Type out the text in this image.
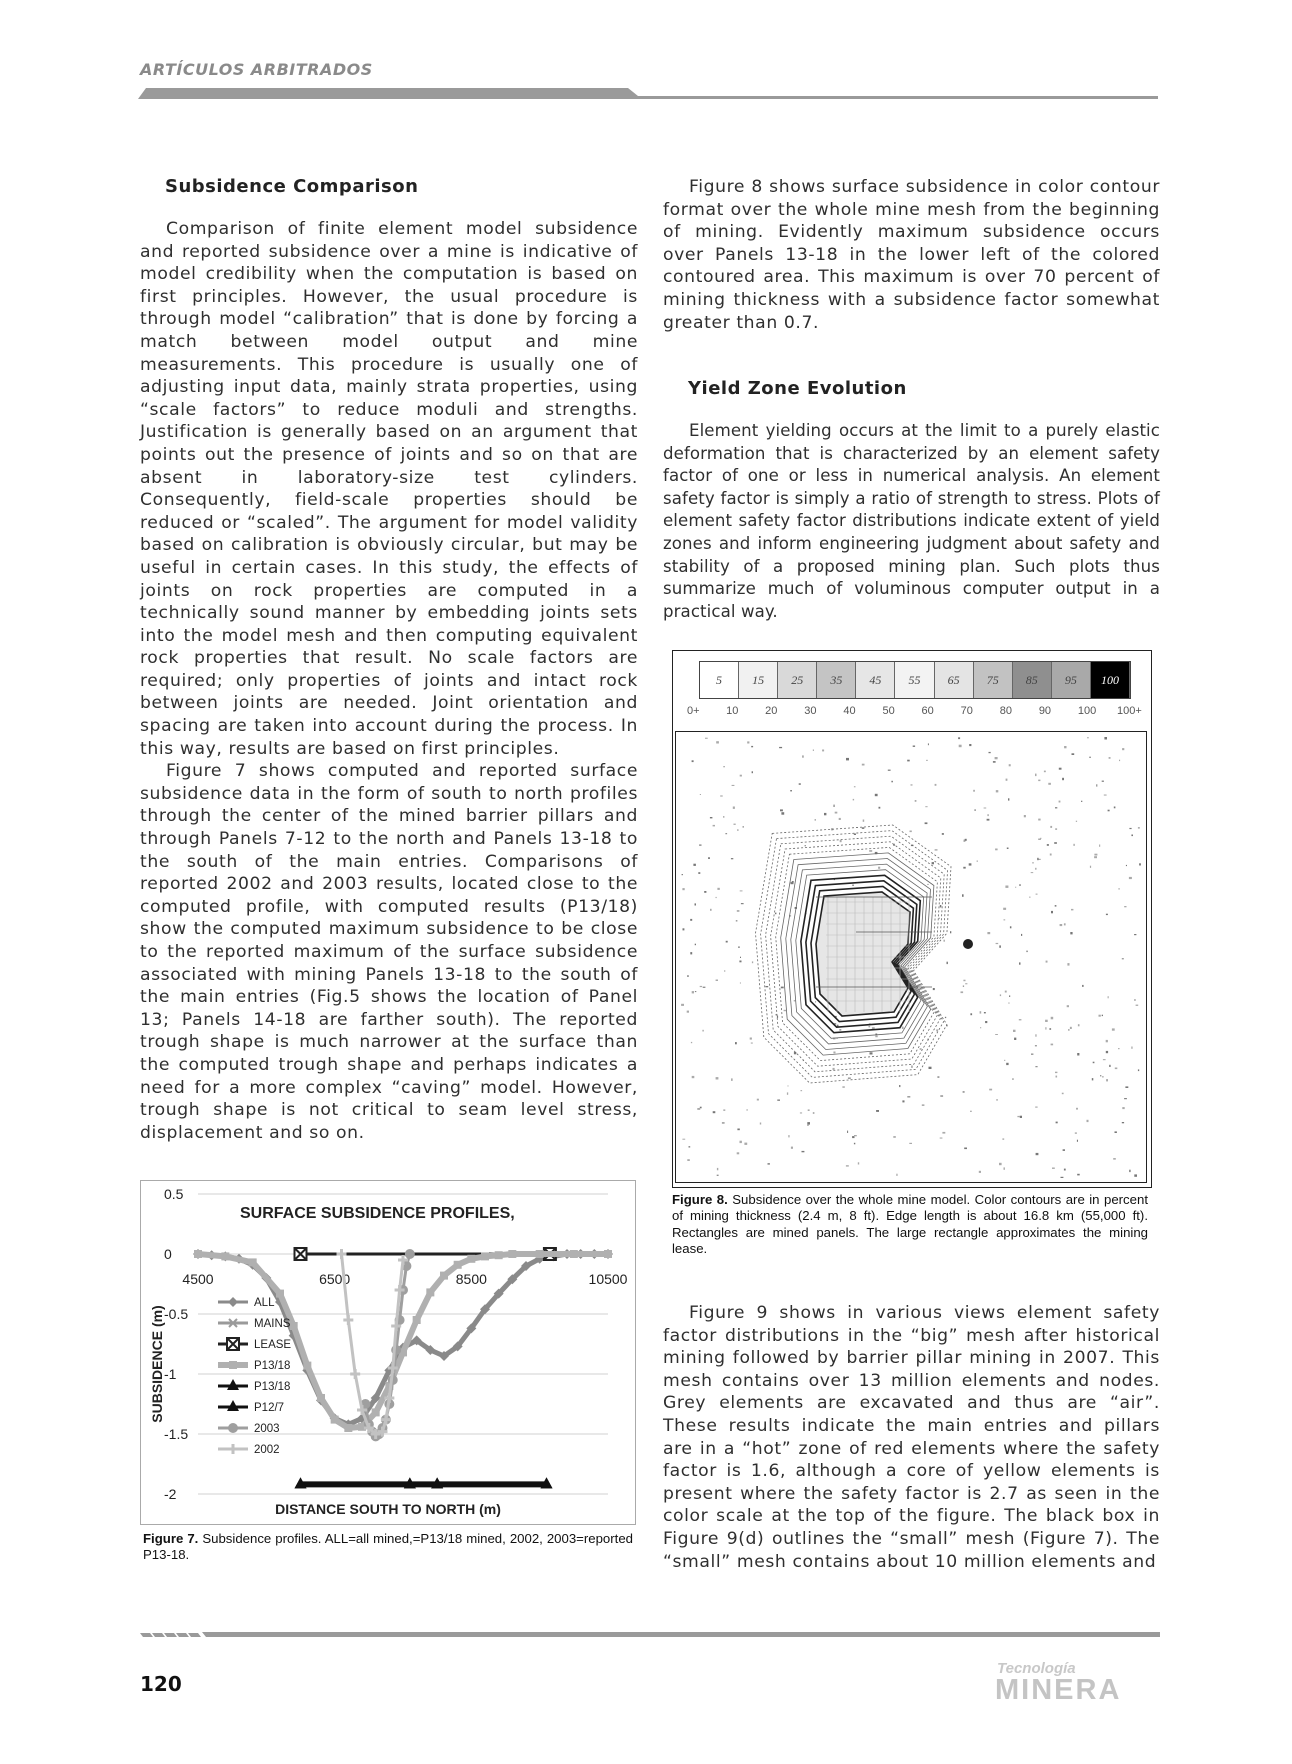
ARTÍCULOS ARBITRADOS
Subsidence Comparison

Comparison of finite element model subsidence and reported subsidence over a mine is indicative of model credibility when the computation is based on first principles. However, the usual procedure is through model “calibration” that is done by forcing a match between model output and mine measurements. This procedure is usually one of adjusting input data, mainly strata properties, using “scale factors” to reduce moduli and strengths. Justification is generally based on an argument that points out the presence of joints and so on that are absent in laboratory-size test cylinders. Consequently, field-scale properties should be reduced or “scaled”. The argument for model validity based on calibration is obviously circular, but may be useful in certain cases. In this study, the effects of joints on rock properties are computed in a technically sound manner by embedding joints sets into the model mesh and then computing equivalent rock properties that result. No scale factors are required; only properties of joints and intact rock between joints are needed. Joint orientation and spacing are taken into account during the process. In this way, results are based on first principles.

Figure 7 shows computed and reported surface subsidence data in the form of south to north profiles through the center of the mined barrier pillars and through Panels 7-12 to the north and Panels 13-18 to the south of the main entries. Comparisons of reported 2002 and 2003 results, located close to the computed profile, with computed results (P13/18) show the computed maximum subsidence to be close to the reported maximum of the surface subsidence associated with mining Panels 13-18 to the south of the main entries (Fig.5 shows the location of Panel 13; Panels 14-18 are farther south). The reported trough shape is much narrower at the surface than the computed trough shape and perhaps indicates a need for a more complex “caving” model. However, trough shape is not critical to seam level stress, displacement and so on.

0.5
0
-0.5
-1
-1.5
-2
4500	6500	8500	10500
SURFACE SUBSIDENCE PROFILES,
DISTANCE SOUTH TO NORTH (m)
SUBSIDENCE (m)
ALL
MAINS
LEASE
P13/18
P13/18
P12/7
2003
2002
Figure 7. Subsidence profiles. ALL=all mined,=P13/18 mined, 2002, 2003=reported P13-18.

Figure 8 shows surface subsidence in color contour format over the whole mine mesh from the beginning of mining. Evidently maximum subsidence occurs over Panels 13-18 in the lower left of the colored contoured area. This maximum is over 70 percent of mining thickness with a subsidence factor somewhat greater than 0.7.

Yield Zone Evolution

Element yielding occurs at the limit to a purely elastic deformation that is characterized by an element safety factor of one or less in numerical analysis. An element safety factor is simply a ratio of strength to stress. Plots of element safety factor distributions indicate extent of yield zones and inform engineering judgment about safety and stability of a proposed mining plan. Such plots thus summarize much of voluminous computer output in a practical way.

5	15	25	35	45	55	65	75	85	95	100
0+ 10 20 30 40 50 60 70 80 90 100 100+
Figure 8. Subsidence over the whole mine model. Color contours are in percent of mining thickness (2.4 m, 8 ft). Edge length is about 16.8 km (55,000 ft). Rectangles are mined panels. The large rectangle approximates the mining lease.

Figure 9 shows in various views element safety factor distributions in the “big” mesh after historical mining followed by barrier pillar mining in 2007. This mesh contains over 13 million elements and nodes. Grey elements are excavated and thus are “air”. These results indicate the main entries and pillars are in a “hot” zone of red elements where the safety factor is 1.6, although a core of yellow elements is present where the safety factor is 2.7 as seen in the color scale at the top of the figure. The black box in Figure 9(d) outlines the “small” mesh (Figure 7). The “small” mesh contains about 10 million elements and

120
Tecnología
MINERA
